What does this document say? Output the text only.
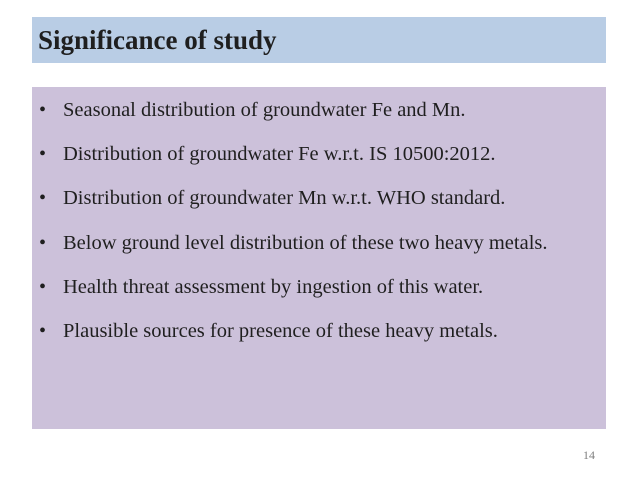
Significance of study
• Seasonal distribution of groundwater Fe and Mn.
• Distribution of groundwater Fe w.r.t. IS 10500:2012.
• Distribution of groundwater Mn w.r.t. WHO standard.
• Below ground level distribution of these two heavy metals.
• Health threat assessment by ingestion of this water.
• Plausible sources for presence of these heavy metals.
14
